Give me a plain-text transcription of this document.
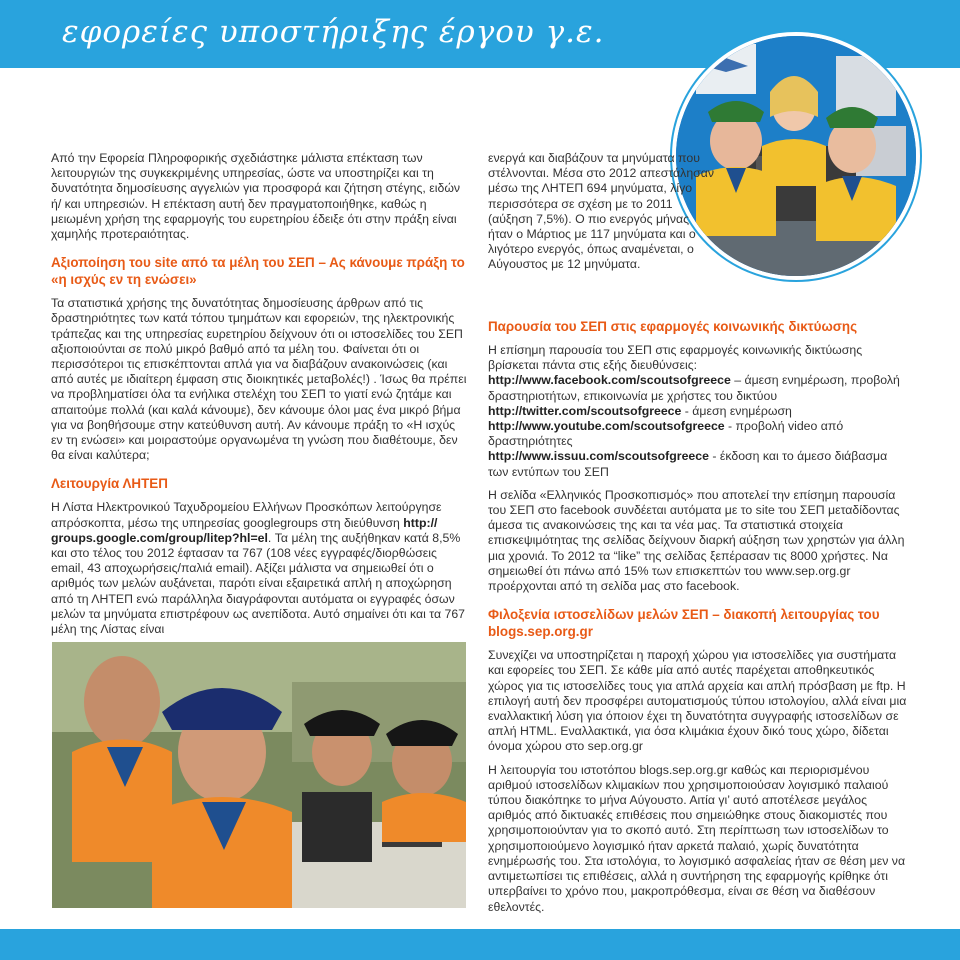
εφορείες υποστήριξης έργου γ.ε.

Από την Εφορεία Πληροφορικής σχεδιάστηκε μάλιστα επέκταση των λειτουργιών της συγκεκριμένης υπηρεσίας, ώστε να υποστηρίζει και τη δυνατότητα δημοσίευσης αγγελιών για προσφορά και ζήτηση στέγης, ειδών ή/ και υπηρεσιών. Η επέκταση αυτή δεν πραγματοποιήθηκε, καθώς η μειωμένη χρήση της εφαρμογής του ευρετηρίου έδειξε ότι στην πράξη είναι χαμηλής προτεραιότητας.

Αξιοποίηση του site από τα μέλη του ΣΕΠ – Ας κάνουμε πράξη το «η ισχύς εν τη ενώσει»

Τα στατιστικά χρήσης της δυνατότητας δημοσίευσης άρθρων από τις δραστηριότητες των κατά τόπου τμημάτων και εφορειών, της ηλεκτρονικής τράπεζας και της υπηρεσίας ευρετηρίου δείχνουν ότι οι ιστοσελίδες του ΣΕΠ αξιοποιούνται σε πολύ μικρό βαθμό από τα μέλη του. Φαίνεται ότι οι περισσότεροι τις επισκέπτονται απλά για να διαβάζουν ανακοινώσεις (και από αυτές με ιδιαίτερη έμφαση στις διοικητικές μεταβολές!) . Ίσως θα πρέπει να προβληματίσει όλα τα ενήλικα στελέχη του ΣΕΠ το γιατί ενώ ζητάμε και απαιτούμε πολλά (και καλά κάνουμε), δεν κάνουμε όλοι μας ένα μικρό βήμα για να βοηθήσουμε στην κατεύθυνση αυτή. Αν κάνουμε πράξη το «Η ισχύς εν τη ενώσει» και μοιραστούμε οργανωμένα τη γνώση που διαθέτουμε, δεν θα είναι καλύτερα;

Λειτουργία ΛΗΤΕΠ

Η Λίστα Ηλεκτρονικού Ταχυδρομείου Ελλήνων Προσκόπων λειτούργησε απρόσκοπτα, μέσω της υπηρεσίας googlegroups στη διεύθυνση http:// groups.google.com/group/litep?hl=el. Τα μέλη της αυξήθηκαν κατά 8,5% και στο τέλος του 2012 έφτασαν τα 767 (108 νέες εγγραφές/διορθώσεις email, 43 αποχωρήσεις/παλιά email). Αξίζει μάλιστα να σημειωθεί ότι ο αριθμός των μελών αυξάνεται, παρότι είναι εξαιρετικά απλή η αποχώρηση από τη ΛΗΤΕΠ ενώ παράλληλα διαγράφονται αυτόματα οι εγγραφές όσων μελών τα μηνύματα επιστρέφουν ως ανεπίδοτα. Αυτό σημαίνει ότι και τα 767 μέλη της Λίστας είναι

ενεργά και διαβάζουν τα μηνύματα που στέλνονται. Μέσα στο 2012 απεστάλησαν μέσω της ΛΗΤΕΠ 694 μηνύματα, λίγο περισσότερα σε σχέση με το 2011 (αύξηση 7,5%). Ο πιο ενεργός μήνας ήταν ο Μάρτιος με 117 μηνύματα και ο λιγότερο ενεργός, όπως αναμένεται, ο Αύγουστος με 12 μηνύματα.

Παρουσία του ΣΕΠ στις εφαρμογές κοινωνικής δικτύωσης

Η επίσημη παρουσία του ΣΕΠ στις εφαρμογές κοινωνικής δικτύωσης βρίσκεται πάντα στις εξής διευθύνσεις:

http://www.facebook.com/scoutsofgreece – άμεση ενημέρωση, προβολή δραστηριοτήτων, επικοινωνία με χρήστες του δικτύου

http://twitter.com/scoutsofgreece - άμεση ενημέρωση

http://www.youtube.com/scoutsofgreece - προβολή video από δραστηριότητες

http://www.issuu.com/scoutsofgreece - έκδοση και το άμεσο διάβασμα των εντύπων του ΣΕΠ

Η σελίδα «Ελληνικός Προσκοπισμός» που αποτελεί την επίσημη παρουσία του ΣΕΠ στο facebook συνδέεται αυτόματα με το site του ΣΕΠ μεταδίδοντας άμεσα τις ανακοινώσεις της και τα νέα μας. Τα στατιστικά στοιχεία επισκεψιμότητας της σελίδας δείχνουν διαρκή αύξηση των χρηστών για άλλη μια χρονιά. Το 2012 τα “like” της σελίδας ξεπέρασαν τις 8000 χρήστες. Να σημειωθεί ότι πάνω από 15% των επισκεπτών του www.sep.org.gr προέρχονται από τη σελίδα μας στο facebook.

Φιλοξενία ιστοσελίδων μελών ΣΕΠ – διακοπή λειτουργίας του blogs.sep.org.gr

Συνεχίζει να υποστηρίζεται η παροχή χώρου για ιστοσελίδες για συστήματα και εφορείες του ΣΕΠ. Σε κάθε μία από αυτές παρέχεται αποθηκευτικός χώρος για τις ιστοσελίδες τους για απλά αρχεία και απλή πρόσβαση με ftp. Η επιλογή αυτή δεν προσφέρει αυτοματισμούς τύπου ιστολογίου, αλλά είναι μια εναλλακτική λύση για όποιον έχει τη δυνατότητα συγγραφής ιστοσελίδων σε απλή HTML. Εναλλακτικά, για όσα κλιμάκια έχουν δικό τους χώρο, δίδεται όνομα χώρου στο sep.org.gr

Η λειτουργία του ιστοτόπου blogs.sep.org.gr καθώς και περιορισμένου αριθμού ιστοσελίδων κλιμακίων που χρησιμοποιούσαν λογισμικό παλαιού τύπου διακόπηκε το μήνα Αύγουστο. Αιτία γι’ αυτό αποτέλεσε μεγάλος αριθμός από δικτυακές επιθέσεις που σημειώθηκε στους διακομιστές που χρησιμοποιούνταν για το σκοπό αυτό. Στη περίπτωση των ιστοσελίδων το χρησιμοποιούμενο λογισμικό ήταν αρκετά παλαιό, χωρίς δυνατότητα ενημέρωσής του. Στα ιστολόγια, το λογισμικό ασφαλείας ήταν σε θέση μεν να αντιμετωπίσει τις επιθέσεις, αλλά η συντήρηση της εφαρμογής κρίθηκε ότι υπερβαίνει το χρόνο που, μακροπρόθεσμα, είναι σε θέση να διαθέσουν εθελοντές.
